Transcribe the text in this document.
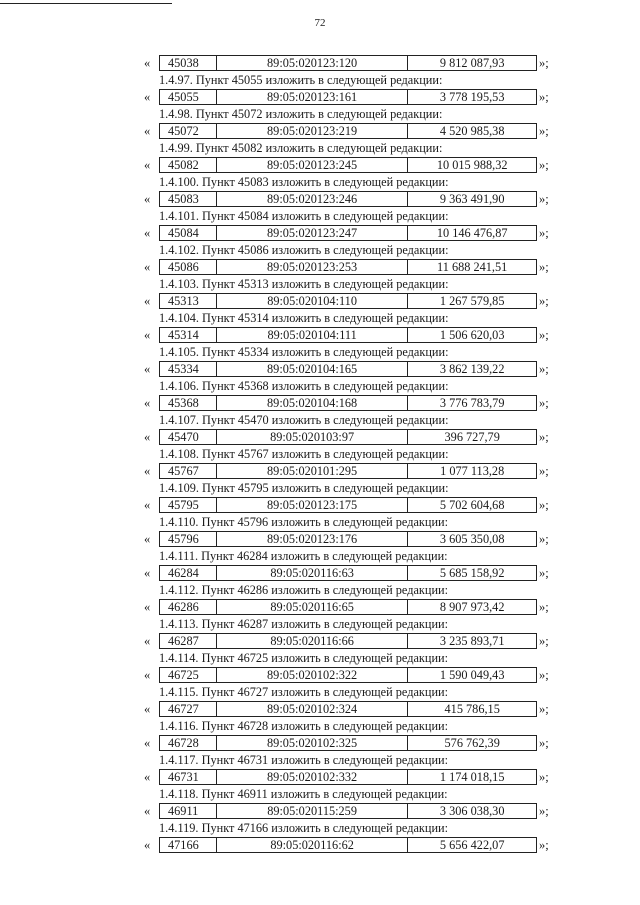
72
«	45038	89:05:020123:120	9 812 087,93	»;
1.4.97. Пункт 45055 изложить в следующей редакции:
«	45055	89:05:020123:161	3 778 195,53	»;
1.4.98. Пункт 45072 изложить в следующей редакции:
«	45072	89:05:020123:219	4 520 985,38	»;
1.4.99. Пункт 45082 изложить в следующей редакции:
«	45082	89:05:020123:245	10 015 988,32	»;
1.4.100. Пункт 45083 изложить в следующей редакции:
«	45083	89:05:020123:246	9 363 491,90	»;
1.4.101. Пункт 45084 изложить в следующей редакции:
«	45084	89:05:020123:247	10 146 476,87	»;
1.4.102. Пункт 45086 изложить в следующей редакции:
«	45086	89:05:020123:253	11 688 241,51	»;
1.4.103. Пункт 45313 изложить в следующей редакции:
«	45313	89:05:020104:110	1 267 579,85	»;
1.4.104. Пункт 45314 изложить в следующей редакции:
«	45314	89:05:020104:111	1 506 620,03	»;
1.4.105. Пункт 45334 изложить в следующей редакции:
«	45334	89:05:020104:165	3 862 139,22	»;
1.4.106. Пункт 45368 изложить в следующей редакции:
«	45368	89:05:020104:168	3 776 783,79	»;
1.4.107. Пункт 45470 изложить в следующей редакции:
«	45470	89:05:020103:97	396 727,79	»;
1.4.108. Пункт 45767 изложить в следующей редакции:
«	45767	89:05:020101:295	1 077 113,28	»;
1.4.109. Пункт 45795 изложить в следующей редакции:
«	45795	89:05:020123:175	5 702 604,68	»;
1.4.110. Пункт 45796 изложить в следующей редакции:
«	45796	89:05:020123:176	3 605 350,08	»;
1.4.111. Пункт 46284 изложить в следующей редакции:
«	46284	89:05:020116:63	5 685 158,92	»;
1.4.112. Пункт 46286 изложить в следующей редакции:
«	46286	89:05:020116:65	8 907 973,42	»;
1.4.113. Пункт 46287 изложить в следующей редакции:
«	46287	89:05:020116:66	3 235 893,71	»;
1.4.114. Пункт 46725 изложить в следующей редакции:
«	46725	89:05:020102:322	1 590 049,43	»;
1.4.115. Пункт 46727 изложить в следующей редакции:
«	46727	89:05:020102:324	415 786,15	»;
1.4.116. Пункт 46728 изложить в следующей редакции:
«	46728	89:05:020102:325	576 762,39	»;
1.4.117. Пункт 46731 изложить в следующей редакции:
«	46731	89:05:020102:332	1 174 018,15	»;
1.4.118. Пункт 46911 изложить в следующей редакции:
«	46911	89:05:020115:259	3 306 038,30	»;
1.4.119. Пункт 47166 изложить в следующей редакции:
«	47166	89:05:020116:62	5 656 422,07	»;
